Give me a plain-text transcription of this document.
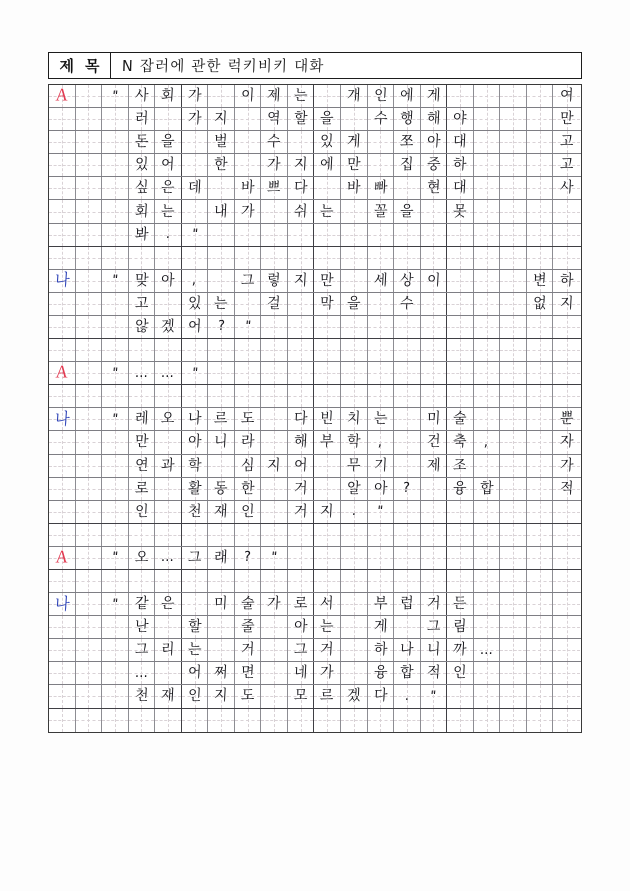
제 목	N 잡러에 관한 럭키비키 대화
A	" 사 회 가	이 제 는	개 인 에 게	여
러	가 지	역 할 을	수 행 해 야	만
돈 을	벌	수	있 게	쪼 아 대	고
있 어	한	가 지 에 만	집 중 하	고
싶 은 데	바 쁘 다	바 빠	현 대	사
회 는	내 가	쉬 는	꼴 을	못
봐 . "
나	" 맞 아 ,	그 렇 지 만	세 상 이	변 하
고	있 는	걸	막 을	수	없 지
않 겠 어 ? "
A	" … … "
나	" 레 오 나 르 도	다 빈 치 는	미 술	뿐
만	아 니 라	해 부 학 ,	건 축 ,	자
연 과 학	심 지 어	무 기	제 조	가
로	활 동 한	거	알 아 ?	융 합	적
인	천 재 인	거 지 . "
A	" 오 … 그 래 ? "
나	" 같 은	미 술 가 로 서	부 럽 거 든
난	할	줄	아 는	게	그 림
그 리 는	거	그 거	하 나 니 까 …
…	어 쩌 면	네 가	융 합 적 인
천 재 인 지 도	모 르 겠 다 . "
